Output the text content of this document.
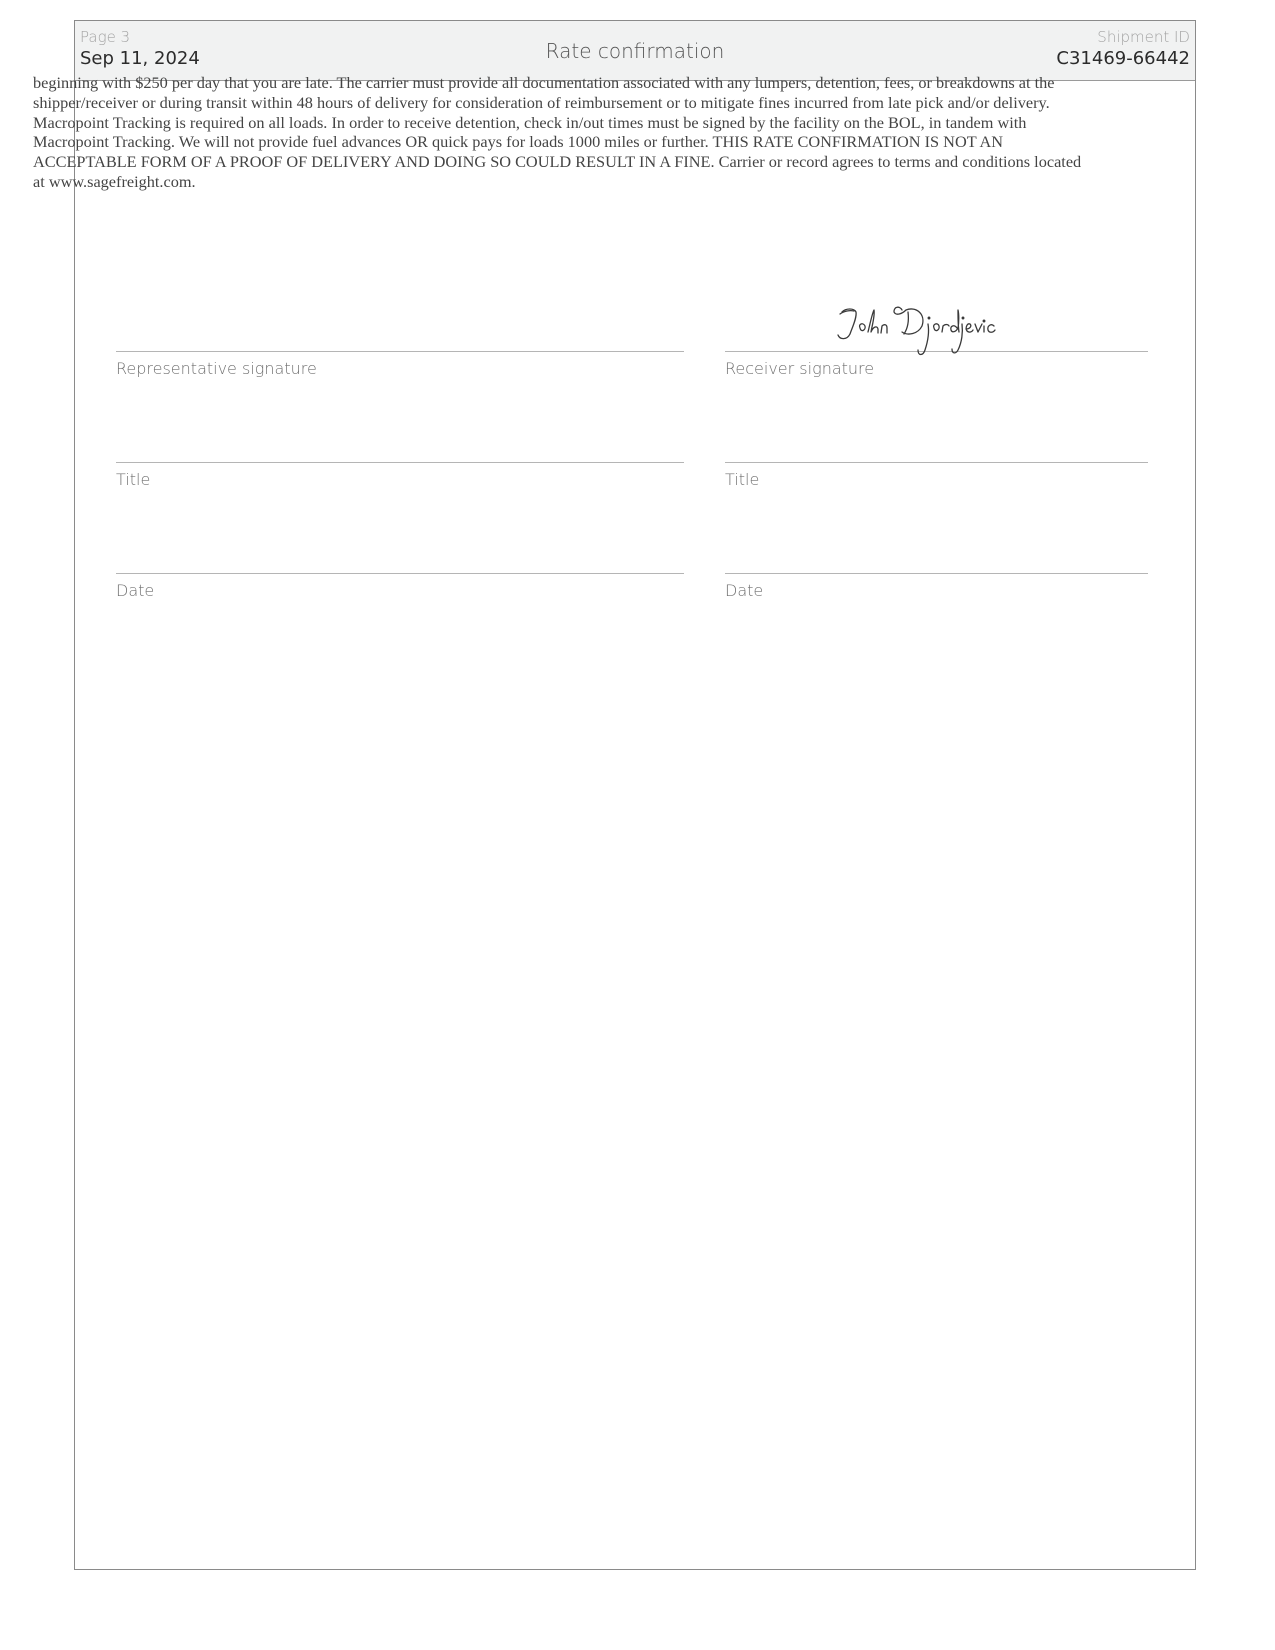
Page 3
Sep 11, 2024	Rate confirmation
Shipment ID
C31469-66442

beginning with $250 per day that you are late. The carrier must provide all documentation associated with any lumpers, detention, fees, or breakdowns at the shipper/receiver or during transit within 48 hours of delivery for consideration of reimbursement or to mitigate fines incurred from late pick and/or delivery. Macropoint Tracking is required on all loads. In order to receive detention, check in/out times must be signed by the facility on the BOL, in tandem with Macropoint Tracking. We will not provide fuel advances OR quick pays for loads 1000 miles or further. THIS RATE CONFIRMATION IS NOT AN ACCEPTABLE FORM OF A PROOF OF DELIVERY AND DOING SO COULD RESULT IN A FINE. Carrier or record agrees to terms and conditions located at www.sagefreight.com.

Representative signature
Title
Date
Receiver signature
Title
Date
